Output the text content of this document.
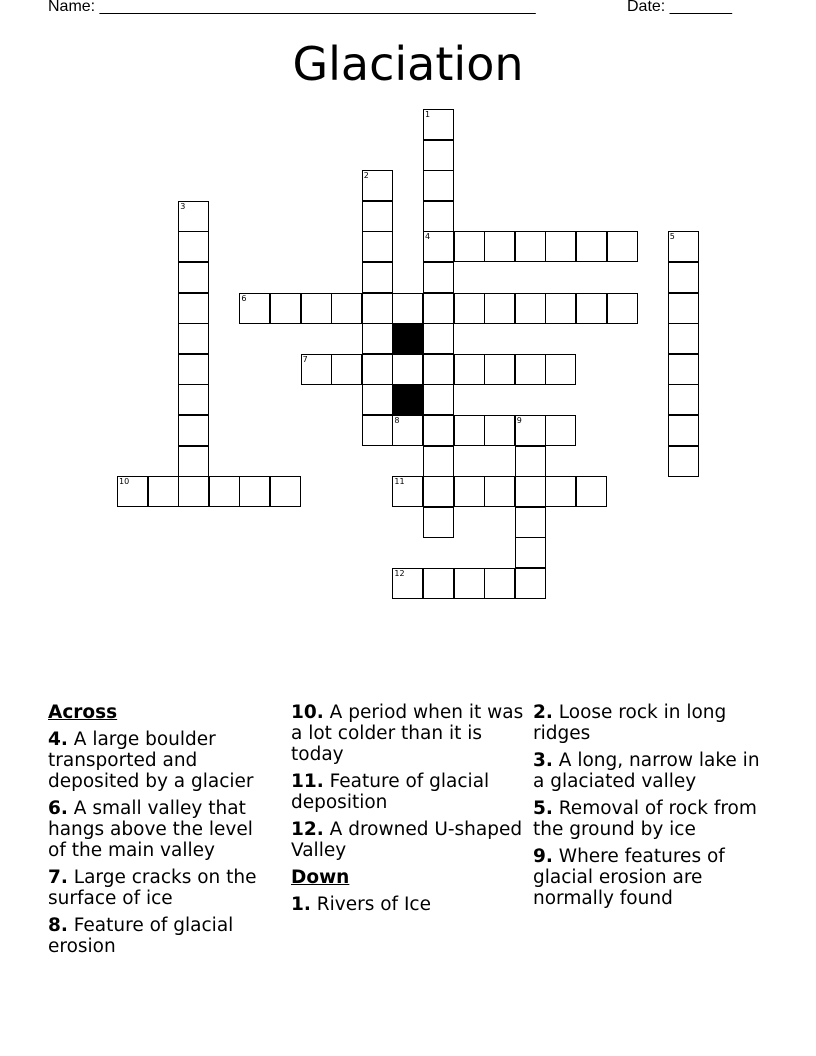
Name: _________________________________________________	Date: _______
Glaciation
1
4
2
3
5
6
7
8	9
10	11
12
Across
4. A large boulder transported and deposited by a glacier
6. A small valley that hangs above the level of the main valley
7. Large cracks on the surface of ice
8. Feature of glacial erosion
10. A period when it was a lot colder than it is today
11. Feature of glacial deposition
12. A drowned U-shaped Valley
Down
1. Rivers of Ice
2. Loose rock in long ridges
3. A long, narrow lake in a glaciated valley
5. Removal of rock from the ground by ice
9. Where features of glacial erosion are normally found
